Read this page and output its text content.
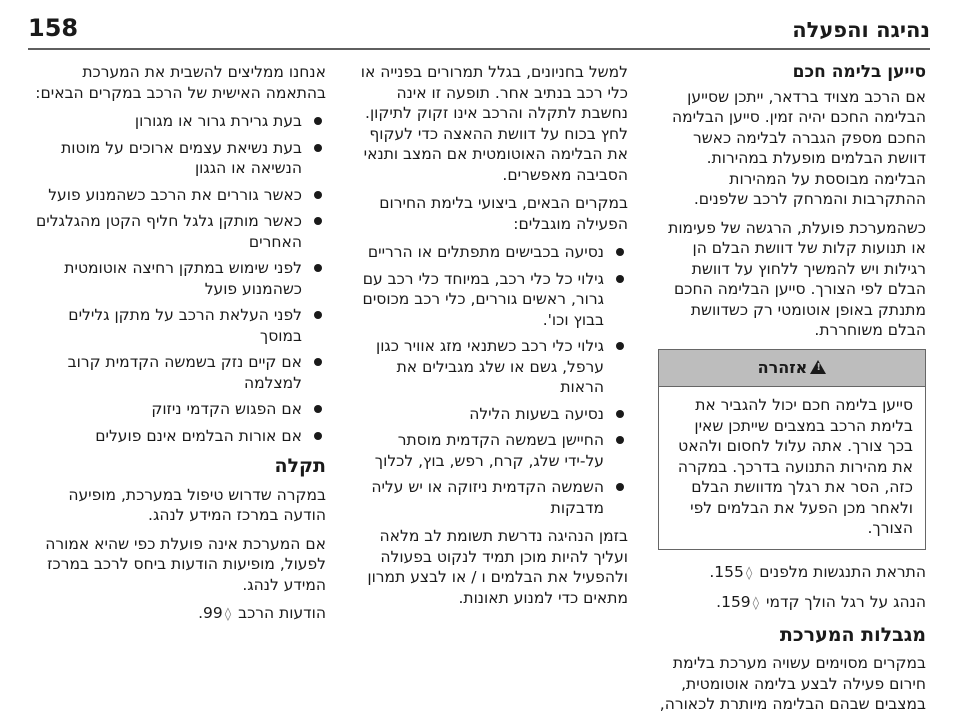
נהיגה והפעלה
158
סייען בלימה חכם

אם הרכב מצויד ברדאר, ייתכן שסייען הבלימה החכם יהיה זמין. סייען הבלימה החכם מספק הגברה לבלימה כאשר דוושת הבלמים מופעלת במהירות. הבלימה מבוססת על המהירות ההתקרבות והמרחק לרכב שלפנים.

כשהמערכת פועלת, הרגשה של פעימות או תנועות קלות של דוושת הבלם הן רגילות ויש להמשיך ללחוץ על דוושת הבלם לפי הצורך. סייען הבלימה החכם מתנתק באופן אוטומטי רק כשדוושת הבלם משוחררת.

!אזהרה
סייען בלימה חכם יכול להגביר את בלימת הרכב במצבים שייתכן שאין בכך צורך. אתה עלול לחסום ולהאט את מהירות התנועה בדרכך. במקרה כזה, הסר את רגלך מדוושת הבלם ולאחר מכן הפעל את הבלמים לפי הצורך.

התראת התנגשות מלפנים ◊155.

הנהג על רגל הולך קדמי ◊159.

מגבלות המערכת

במקרים מסוימים עשויה מערכת בלימת חירום פעילה לבצע בלימה אוטומטית, במצבים שבהם הבלימה מיותרת לכאורה,

למשל בחניונים, בגלל תמרורים בפנייה או כלי רכב בנתיב אחר. תופעה זו אינה נחשבת לתקלה והרכב אינו זקוק לתיקון. לחץ בכוח על דוושת ההאצה כדי לעקוף את הבלימה האוטומטית אם המצב ותנאי הסביבה מאפשרים.

במקרים הבאים, ביצועי בלימת החירום הפעילה מוגבלים:

נסיעה בכבישים מתפתלים או הרריים
גילוי כל כלי רכב, במיוחד כלי רכב עם גרור, ראשים גוררים, כלי רכב מכוסים בבוץ וכו'.
גילוי כלי רכב כשתנאי מזג אוויר כגון ערפל, גשם או שלג מגבילים את הראות
נסיעה בשעות הלילה
החיישן בשמשה הקדמית מוסתר על-ידי שלג, קרח, רפש, בוץ, לכלוך
השמשה הקדמית ניזוקה או יש עליה מדבקות

בזמן הנהיגה נדרשת תשומת לב מלאה ועליך להיות מוכן תמיד לנקוט בפעולה ולהפעיל את הבלמים ו / או לבצע תמרון מתאים כדי למנוע תאונות.

אנחנו ממליצים להשבית את המערכת בהתאמה האישית של הרכב במקרים הבאים:

בעת גרירת גרור או מגורון
בעת נשיאת עצמים ארוכים על מוטות הנשיאה או הגגון
כאשר גוררים את הרכב כשהמנוע פועל
כאשר מותקן גלגל חליף הקטן מהגלגלים האחרים
לפני שימוש במתקן רחיצה אוטומטית כשהמנוע פועל
לפני העלאת הרכב על מתקן גלילים במוסך
אם קיים נזק בשמשה הקדמית קרוב למצלמה
אם הפגוש הקדמי ניזוק
אם אורות הבלמים אינם פועלים
תקלה

במקרה שדרוש טיפול במערכת, מופיעה הודעה במרכז המידע לנהג.

אם המערכת אינה פועלת כפי שהיא אמורה לפעול, מופיעות הודעות ביחס לרכב במרכז המידע לנהג.

הודעות הרכב ◊99.
